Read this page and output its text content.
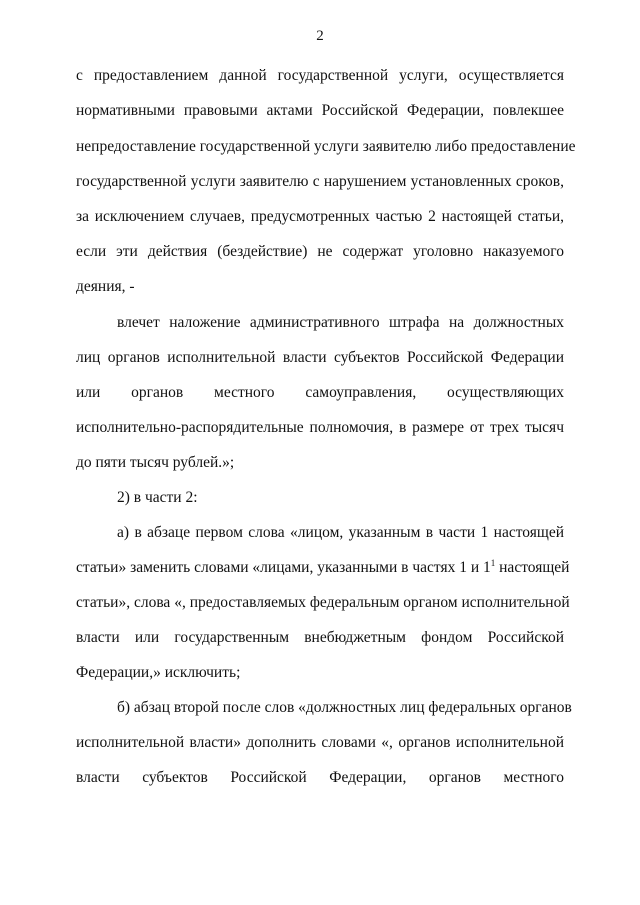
2
с предоставлением данной государственной услуги, осуществляется
нормативными правовыми актами Российской Федерации, повлекшее
непредоставление государственной услуги заявителю либо предоставление
государственной услуги заявителю с нарушением установленных сроков,
за исключением случаев, предусмотренных частью 2 настоящей статьи,
если эти действия (бездействие) не содержат уголовно наказуемого
деяния, -
влечет наложение административного штрафа на должностных
лиц органов исполнительной власти субъектов Российской Федерации
или органов местного самоуправления, осуществляющих
исполнительно-распорядительные полномочия, в размере от трех тысяч
до пяти тысяч рублей.»;
2) в части 2:
а) в абзаце первом слова «лицом, указанным в части 1 настоящей
статьи» заменить словами «лицами, указанными в частях 1 и $1^1$ настоящей
статьи», слова «, предоставляемых федеральным органом исполнительной
власти или государственным внебюджетным фондом Российской
Федерации,» исключить;
б) абзац второй после слов «должностных лиц федеральных органов
исполнительной власти» дополнить словами «, органов исполнительной
власти субъектов Российской Федерации, органов местного
